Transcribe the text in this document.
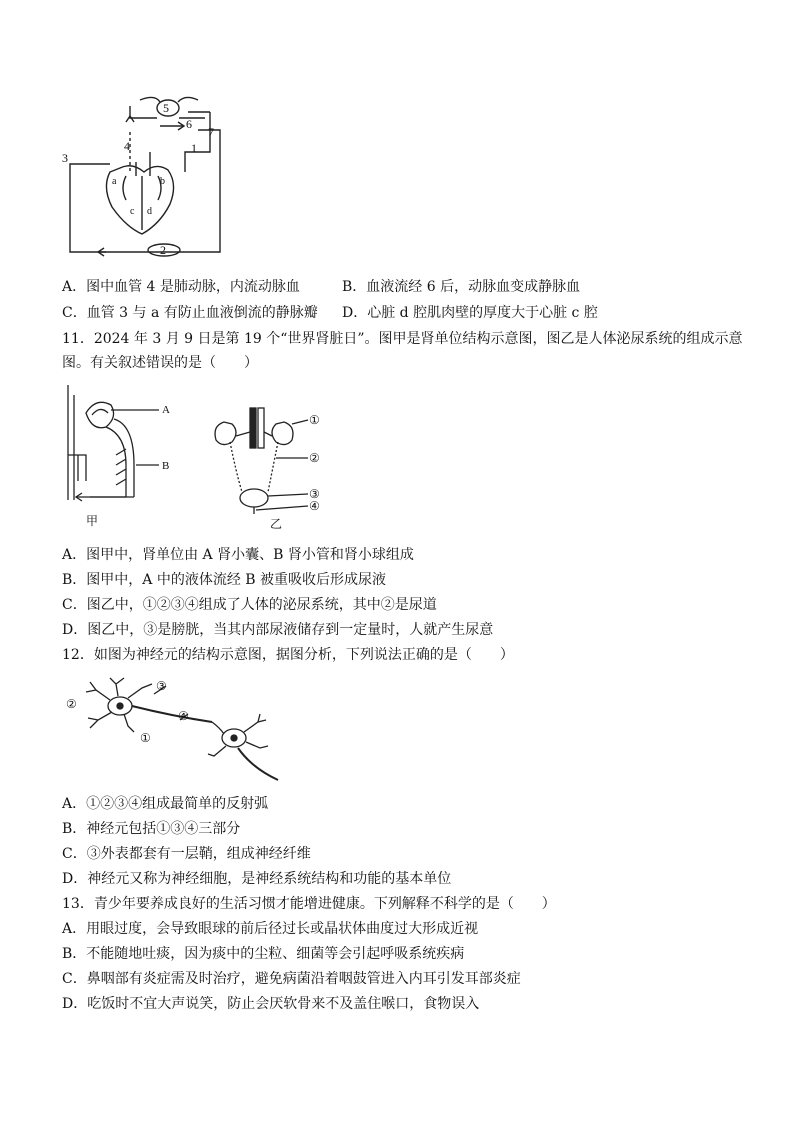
5
3
4
6
7
1
2
a	b
c d
A．图中血管 4 是肺动脉，内流动脉血	B．血液流经 6 后，动脉血变成静脉血
C．血管 3 与 a 有防止血液倒流的静脉瓣 D．心脏 d 腔肌肉壁的厚度大于心脏 c 腔
11．2024 年 3 月 9 日是第 19 个“世界肾脏日”。图甲是肾单位结构示意图，图乙是人体泌尿系统的组成示意
图。有关叙述错误的是（　　）
A
B
甲
①
②
③
④
乙
A．图甲中，肾单位由 A 肾小囊、B 肾小管和肾小球组成
B．图甲中，A 中的液体流经 B 被重吸收后形成尿液
C．图乙中，①②③④组成了人体的泌尿系统，其中②是尿道
D．图乙中，③是膀胱，当其内部尿液储存到一定量时，人就产生尿意
12．如图为神经元的结构示意图，据图分析，下列说法正确的是（　　）
②
①
③
④
A．①②③④组成最简单的反射弧
B．神经元包括①③④三部分
C．③外表都套有一层鞘，组成神经纤维
D．神经元又称为神经细胞，是神经系统结构和功能的基本单位
13．青少年要养成良好的生活习惯才能增进健康。下列解释不科学的是（　　）
A．用眼过度，会导致眼球的前后径过长或晶状体曲度过大形成近视
B．不能随地吐痰，因为痰中的尘粒、细菌等会引起呼吸系统疾病
C．鼻咽部有炎症需及时治疗，避免病菌沿着咽鼓管进入内耳引发耳部炎症
D．吃饭时不宜大声说笑，防止会厌软骨来不及盖住喉口，食物误入
